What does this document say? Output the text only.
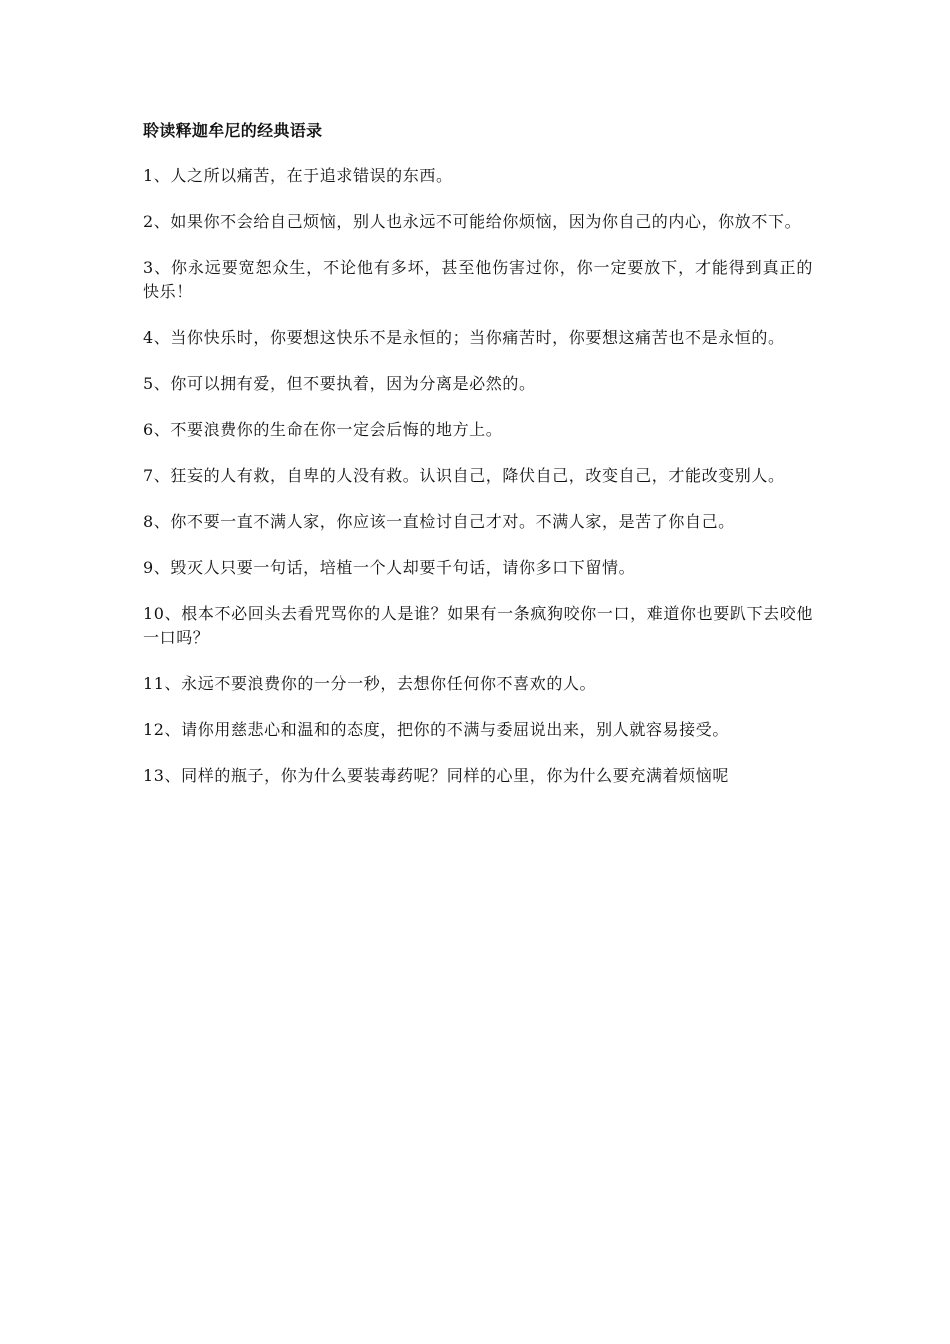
聆读释迦牟尼的经典语录

1、人之所以痛苦，在于追求错误的东西。

2、如果你不会给自己烦恼，别人也永远不可能给你烦恼，因为你自己的内心，你放不下。

3、你永远要宽恕众生，不论他有多坏，甚至他伤害过你，你一定要放下，才能得到真正的快乐！

4、当你快乐时，你要想这快乐不是永恒的；当你痛苦时，你要想这痛苦也不是永恒的。

5、你可以拥有爱，但不要执着，因为分离是必然的。

6、不要浪费你的生命在你一定会后悔的地方上。

7、狂妄的人有救，自卑的人没有救。认识自己，降伏自己，改变自己，才能改变别人。

8、你不要一直不满人家，你应该一直检讨自己才对。不满人家，是苦了你自己。

9、毁灭人只要一句话，培植一个人却要千句话，请你多口下留情。

10、根本不必回头去看咒骂你的人是谁？如果有一条疯狗咬你一口，难道你也要趴下去咬他一口吗？

11、永远不要浪费你的一分一秒，去想你任何你不喜欢的人。

12、请你用慈悲心和温和的态度，把你的不满与委屈说出来，别人就容易接受。

13、同样的瓶子，你为什么要装毒药呢？同样的心里，你为什么要充满着烦恼呢
